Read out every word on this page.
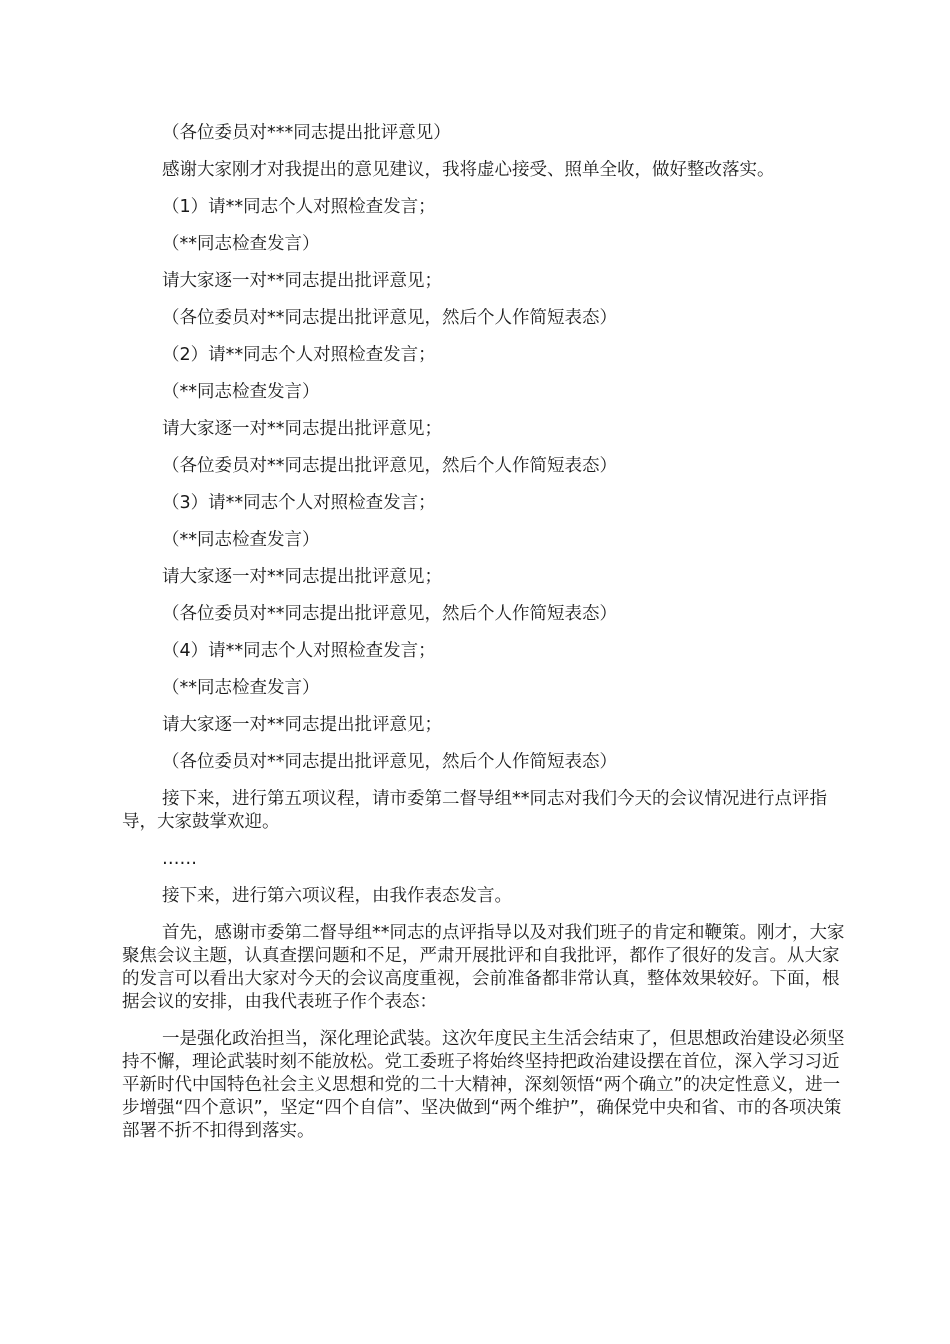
（各位委员对***同志提出批评意见）

感谢大家刚才对我提出的意见建议，我将虚心接受、照单全收，做好整改落实。

（1）请**同志个人对照检查发言；

（**同志检查发言）

请大家逐一对**同志提出批评意见；

（各位委员对**同志提出批评意见，然后个人作简短表态）

（2）请**同志个人对照检查发言；

（**同志检查发言）

请大家逐一对**同志提出批评意见；

（各位委员对**同志提出批评意见，然后个人作简短表态）

（3）请**同志个人对照检查发言；

（**同志检查发言）

请大家逐一对**同志提出批评意见；

（各位委员对**同志提出批评意见，然后个人作简短表态）

（4）请**同志个人对照检查发言；

（**同志检查发言）

请大家逐一对**同志提出批评意见；

（各位委员对**同志提出批评意见，然后个人作简短表态）

接下来，进行第五项议程，请市委第二督导组**同志对我们今天的会议情况进行点评指导，大家鼓掌欢迎。

……

接下来，进行第六项议程，由我作表态发言。

首先，感谢市委第二督导组**同志的点评指导以及对我们班子的肯定和鞭策。刚才，大家聚焦会议主题，认真查摆问题和不足，严肃开展批评和自我批评，都作了很好的发言。从大家的发言可以看出大家对今天的会议高度重视，会前准备都非常认真，整体效果较好。下面，根据会议的安排，由我代表班子作个表态：

一是强化政治担当，深化理论武装。这次年度民主生活会结束了，但思想政治建设必须坚持不懈，理论武装时刻不能放松。党工委班子将始终坚持把政治建设摆在首位，深入学习习近平新时代中国特色社会主义思想和党的二十大精神，深刻领悟“两个确立”的决定性意义，进一步增强“四个意识”，坚定“四个自信”、坚决做到“两个维护”，确保党中央和省、市的各项决策部署不折不扣得到落实。
